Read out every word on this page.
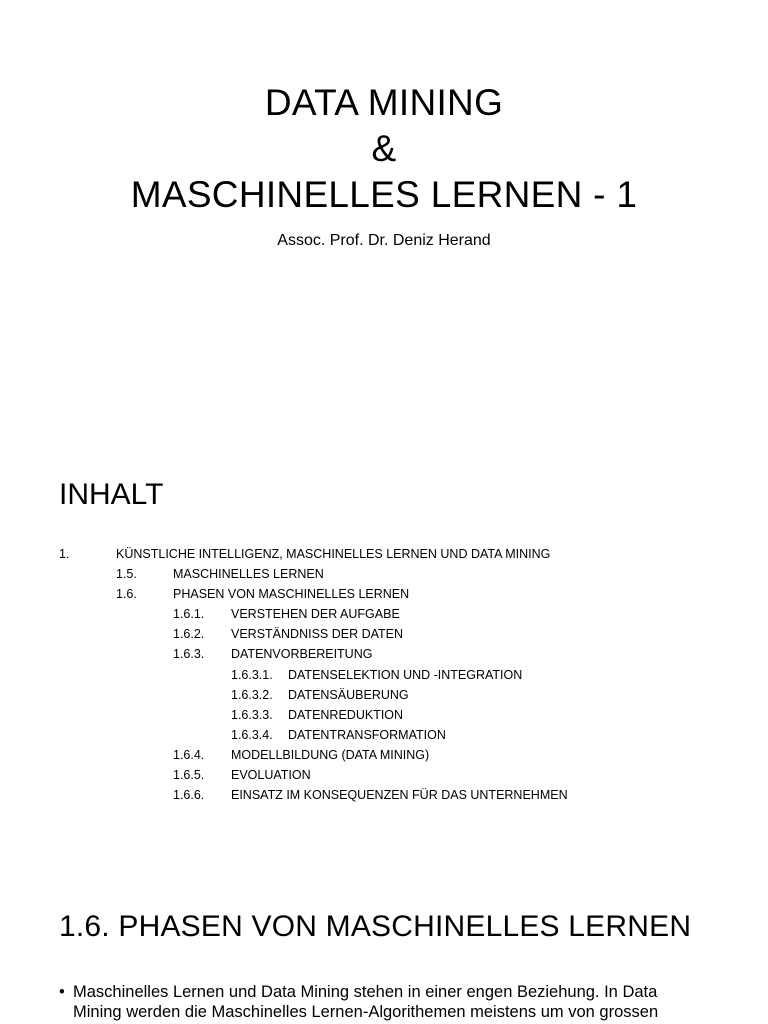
DATA MINING
&
MASCHINELLES LERNEN - 1
Assoc. Prof. Dr. Deniz Herand
INHALT
1.	KÜNSTLICHE INTELLIGENZ, MASCHINELLES LERNEN UND DATA MINING
1.5.	MASCHINELLES LERNEN
1.6.	PHASEN VON MASCHINELLES LERNEN
1.6.1. VERSTEHEN DER AUFGABE
1.6.2. VERSTÄNDNISS DER DATEN
1.6.3. DATENVORBEREITUNG
1.6.3.1. DATENSELEKTION UND -INTEGRATION
1.6.3.2. DATENSÄUBERUNG
1.6.3.3. DATENREDUKTION
1.6.3.4. DATENTRANSFORMATION
1.6.4. MODELLBILDUNG (DATA MINING)
1.6.5. EVOLUATION
1.6.6. EINSATZ IM KONSEQUENZEN FÜR DAS UNTERNEHMEN
1.6. PHASEN VON MASCHINELLES LERNEN
• Maschinelles Lernen und Data Mining stehen in einer engen Beziehung. In Data

Mining werden die Maschinelles Lernen-Algorithemen meistens um von grossen
